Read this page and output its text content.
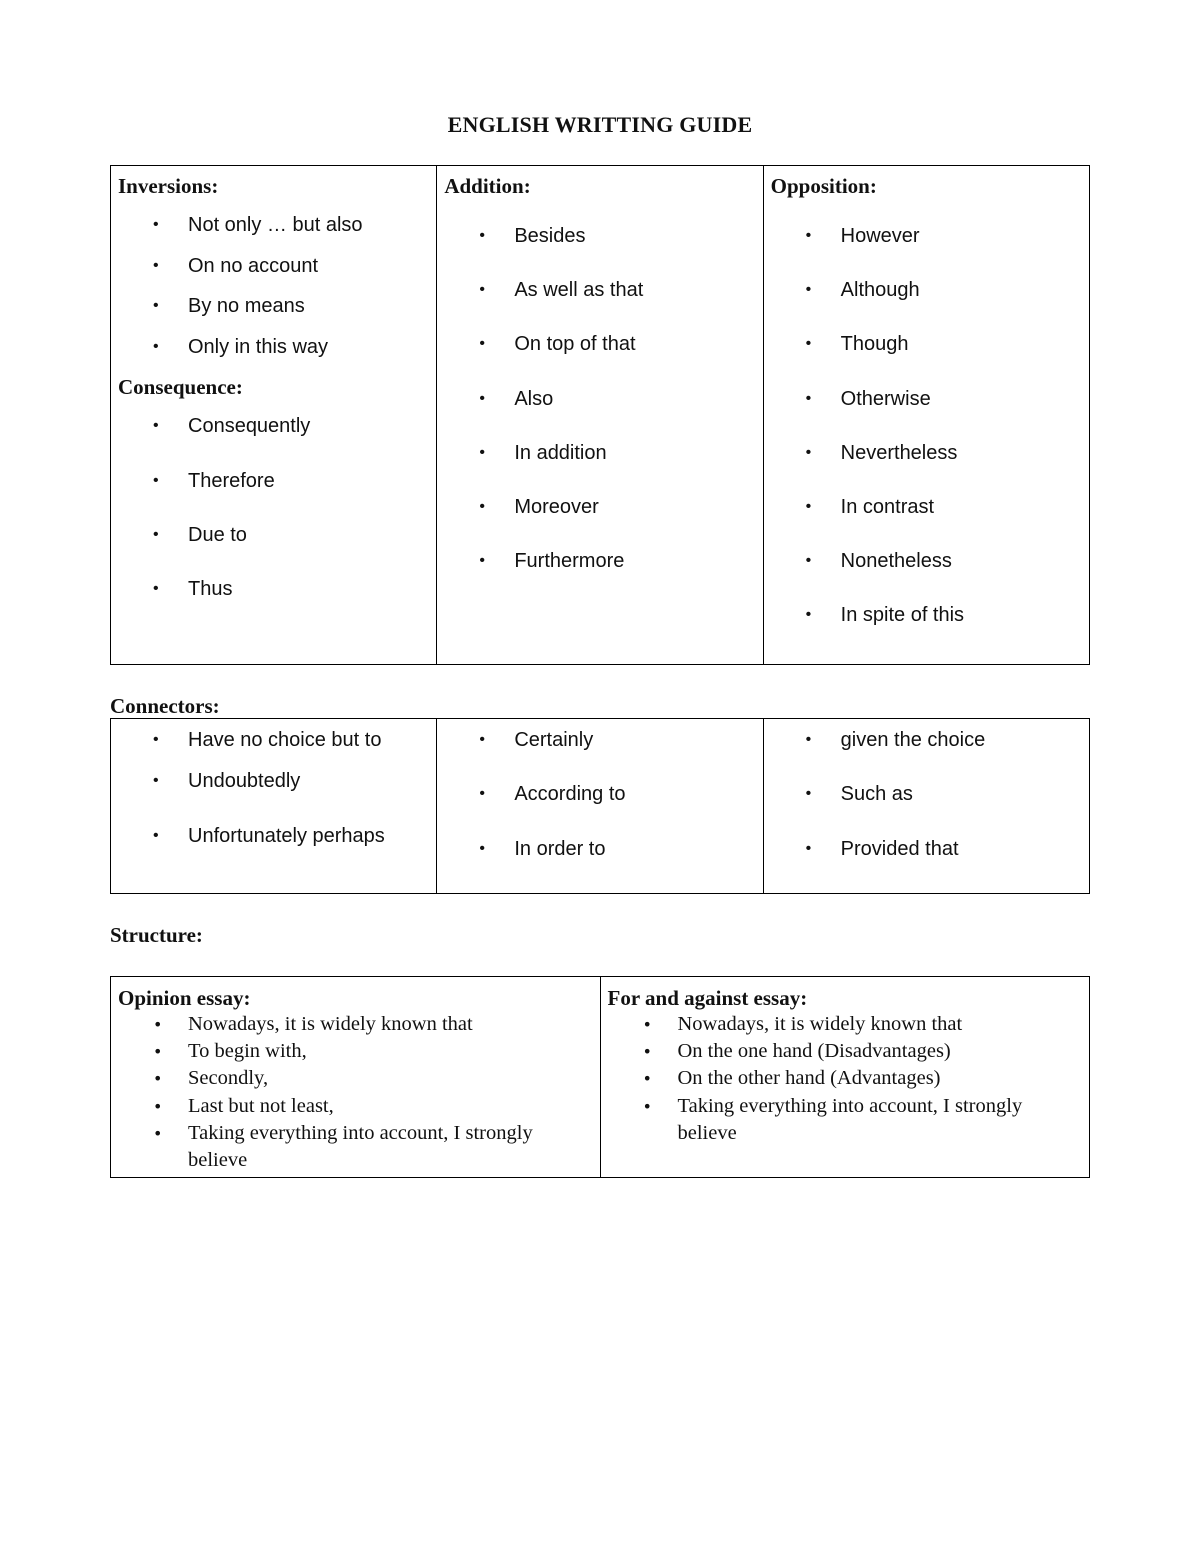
ENGLISH WRITTING GUIDE
Inversions:
• Not only … but also
• On no account
• By no means
• Only in this way
Consequence:
• Consequently
• Therefore
• Due to
• Thus

Addition:
• Besides
• As well as that
• On top of that
• Also
• In addition
• Moreover
• Furthermore

Opposition:
• However
• Although
• Though
• Otherwise
• Nevertheless
• In contrast
• Nonetheless
• In spite of this
Connectors:
• Have no choice but to
• Undoubtedly
• Unfortunately perhaps

• Certainly
• According to
• In order to

• given the choice
• Such as
• Provided that
Structure:
Opinion essay:
• Nowadays, it is widely known that
• To begin with,
• Secondly,
• Last but not least,
• Taking everything into account, I strongly believe

For and against essay:
• Nowadays, it is widely known that
• On the one hand (Disadvantages)
• On the other hand (Advantages)
• Taking everything into account, I strongly believe
